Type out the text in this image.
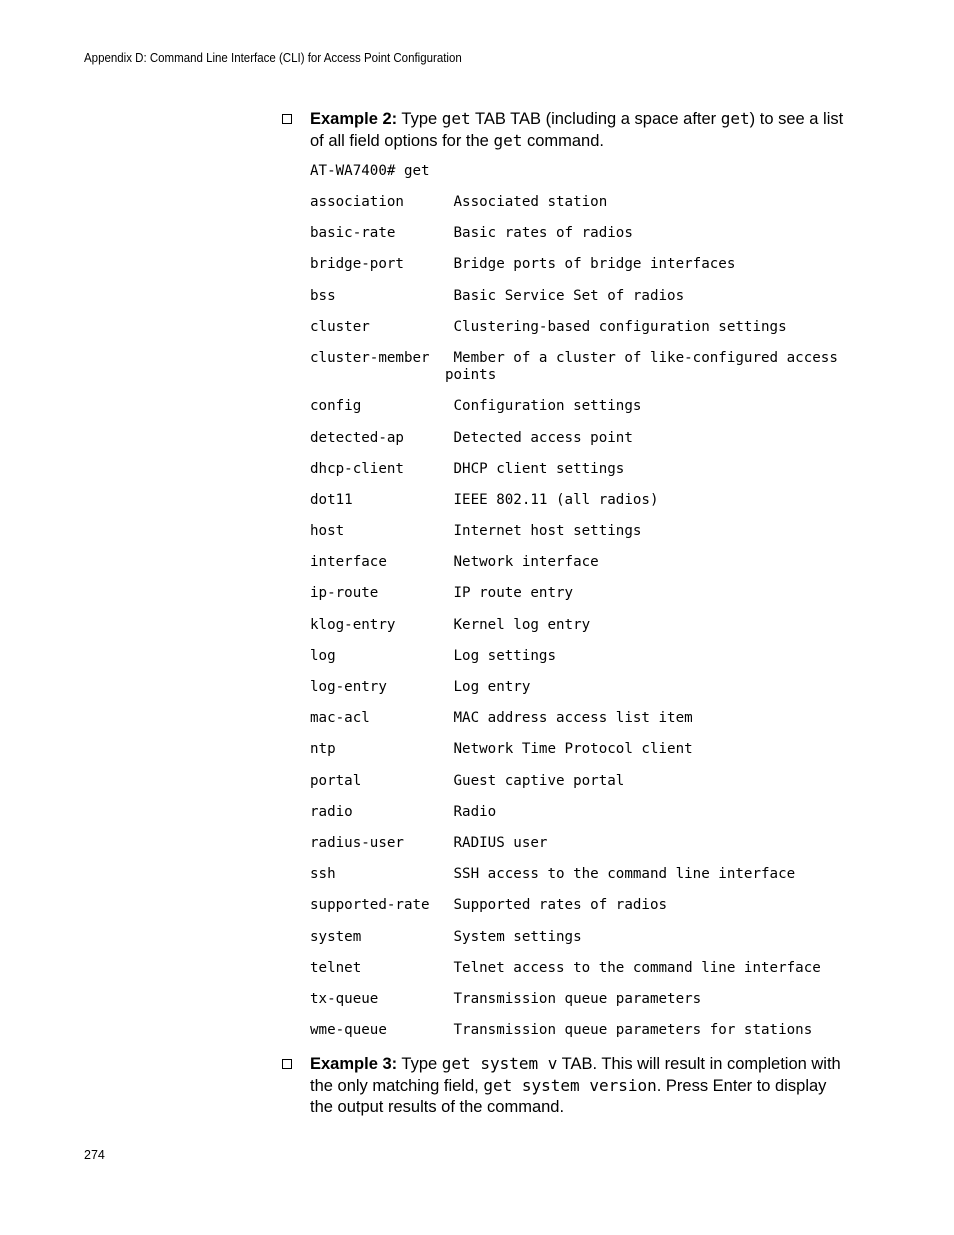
Appendix D: Command Line Interface (CLI) for Access Point Configuration
Example 2: Type get TAB TAB (including a space after get) to see a list of all field options for the get command.
AT-WA7400# get
association	Associated station
basic-rate	Basic rates of radios
bridge-port	Bridge ports of bridge interfaces
bss	Basic Service Set of radios
cluster	Clustering-based configuration settings
cluster-member	Member of a cluster of like-configured access points
config	Configuration settings
detected-ap	Detected access point
dhcp-client	DHCP client settings
dot11	IEEE 802.11 (all radios)
host	Internet host settings
interface	Network interface
ip-route	IP route entry
klog-entry	Kernel log entry
log	Log settings
log-entry	Log entry
mac-acl	MAC address access list item
ntp	Network Time Protocol client
portal	Guest captive portal
radio	Radio
radius-user	RADIUS user
ssh	SSH access to the command line interface
supported-rate	Supported rates of radios
system	System settings
telnet	Telnet access to the command line interface
tx-queue	Transmission queue parameters
wme-queue	Transmission queue parameters for stations
Example 3: Type get system v TAB. This will result in completion with the only matching field, get system version. Press Enter to display the output results of the command.
274
